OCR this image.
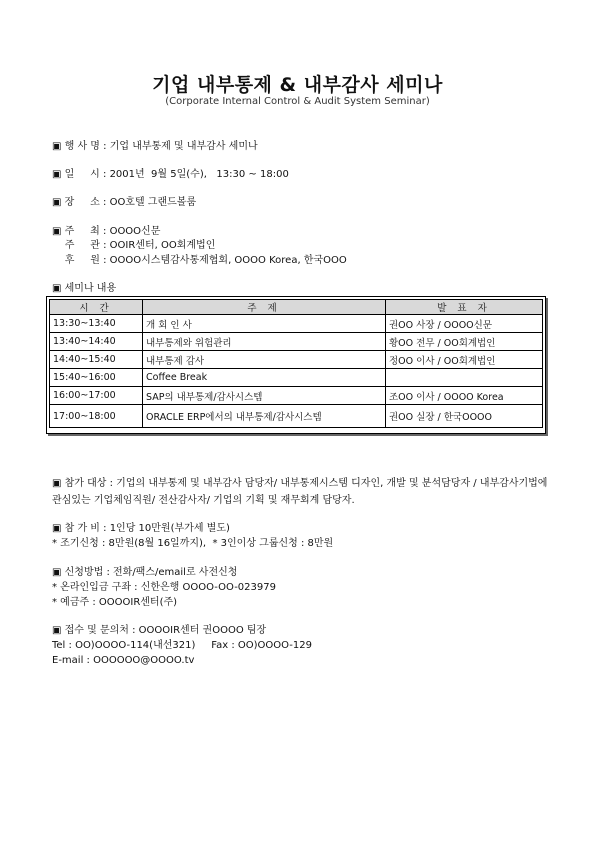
기업 내부통제 & 내부감사 세미나
(Corporate Internal Control & Audit System Seminar)
▣ 행 사 명 : 기업 내부통제 및 내부감사 세미나
▣ 일     시 : 2001년  9월 5일(수),   13:30 ~ 18:00
▣ 장     소 : OO호텔 그랜드볼룸
▣ 주     최 : OOOO신문
주     관 : OOIR센터, OO회계법인
후     원 : OOOO시스템감사통제협회, OOOO Korea, 한국OOO
▣ 세미나 내용
시 간	주 제	발 표 자
13:30~13:40	개 회 인 사	권OO 사장 / OOOO신문
13:40~14:40	내부통제와 위험관리	황OO 전무 / OO회계법인
14:40~15:40	내부통제 감사	정OO 이사 / OO회계법인
15:40~16:00	Coffee Break	
16:00~17:00	SAP의 내부통제/감사시스템	조OO 이사 / OOOO Korea
17:00~18:00	ORACLE ERP에서의 내부통제/감사시스템	권OO 실장 / 한국OOOO
▣ 참가 대상 : 기업의 내부통제 및 내부감사 담당자/ 내부통제시스템 디자인, 개발 및 분석담당자 / 내부감사기법에 관심있는 기업체임직원/ 전산감사자/ 기업의 기획 및 재무회계 담당자.
▣ 참 가 비 : 1인당 10만원(부가세 별도)
* 조기신청 : 8만원(8월 16일까지),  * 3인이상 그룹신청 : 8만원
▣ 신청방법 : 전화/팩스/email로 사전신청
* 온라인입금 구좌 : 신한은행 OOOO-OO-023979
* 예금주 : OOOOIR센터(주)
▣ 접수 및 문의처 : OOOOIR센터 권OOOO 팀장
Tel : OO)OOOO-114(내선321)     Fax : OO)OOOO-129
E-mail : OOOOOO@OOOO.tv
